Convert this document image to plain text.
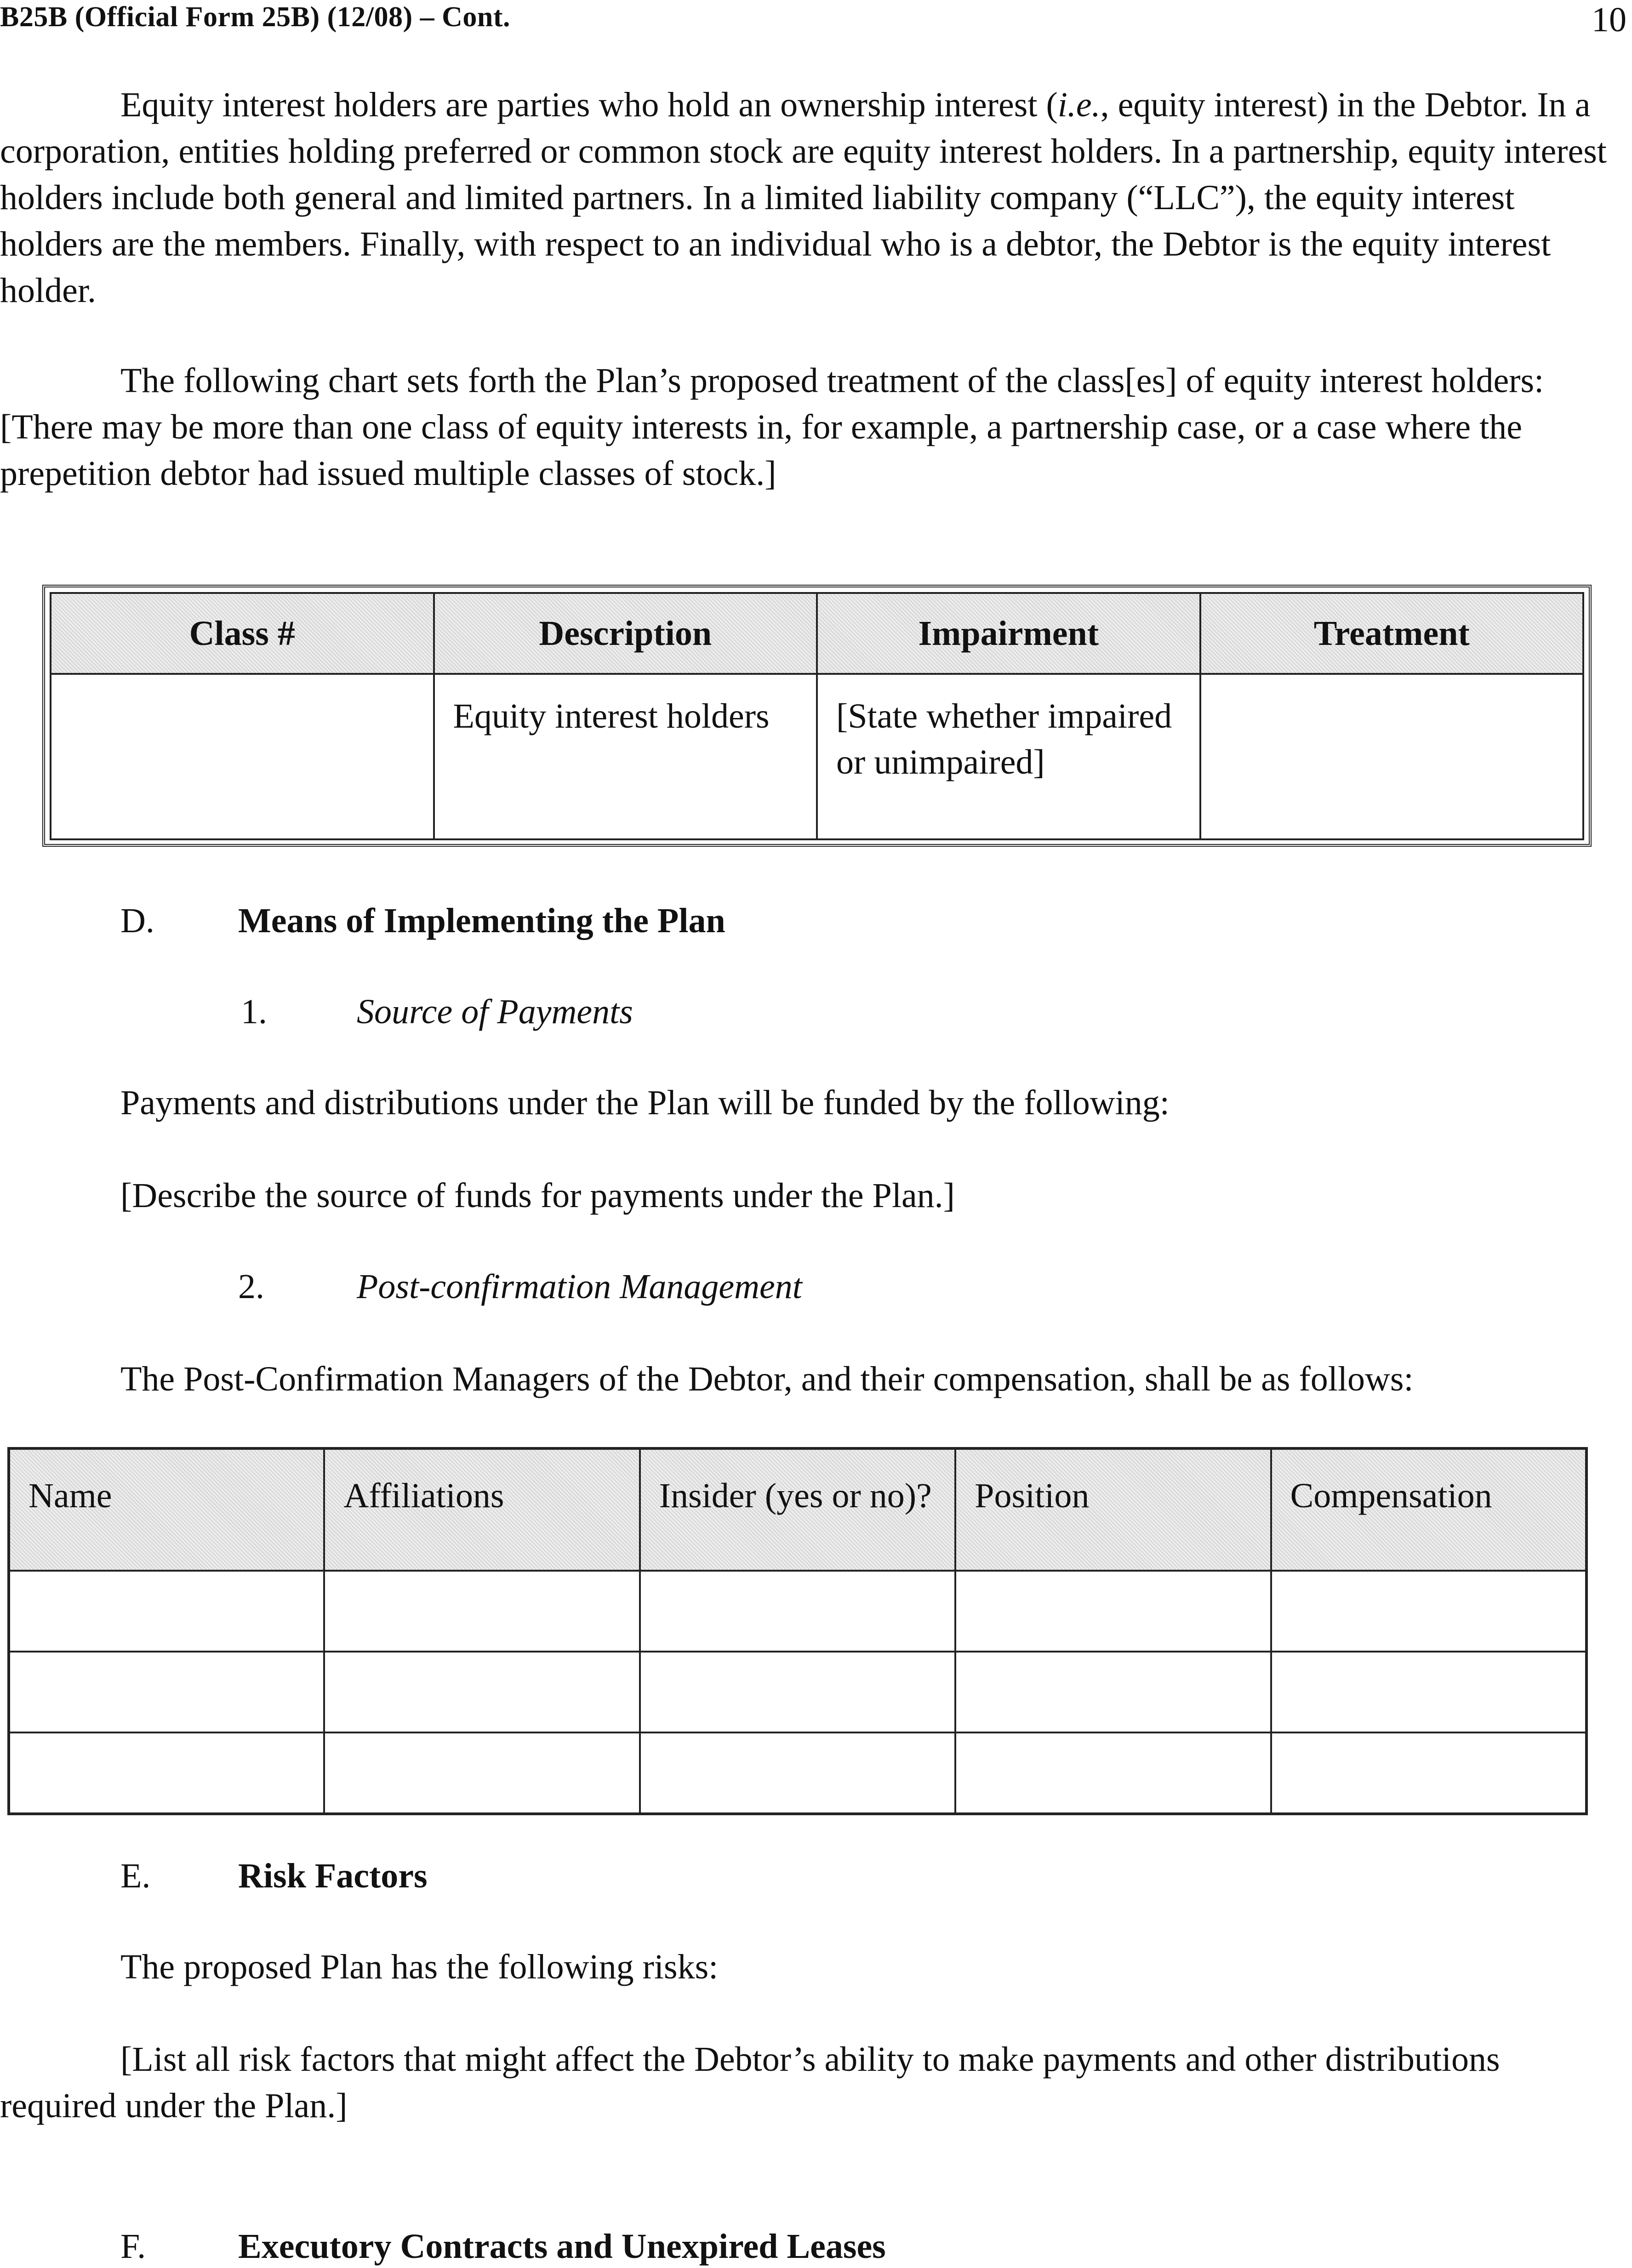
B25B (Official Form 25B) (12/08) – Cont.	10

Equity interest holders are parties who hold an ownership interest (i.e., equity interest) in the Debtor. In a corporation, entities holding preferred or common stock are equity interest holders. In a partnership, equity interest holders include both general and limited partners. In a limited liability company (“LLC”), the equity interest holders are the members. Finally, with respect to an individual who is a debtor, the Debtor is the equity interest holder.

The following chart sets forth the Plan’s proposed treatment of the class[es] of equity interest holders: [There may be more than one class of equity interests in, for example, a partnership case, or a case where the prepetition debtor had issued multiple classes of stock.]

Class #	Description	Impairment	Treatment
	Equity interest holders	[State whether impaired or unimpaired]	
D. Means of Implementing the Plan
1.	Source of Payments
Payments and distributions under the Plan will be funded by the following:
[Describe the source of funds for payments under the Plan.]
2.	Post-confirmation Management
The Post-Confirmation Managers of the Debtor, and their compensation, shall be as follows:
Name	Affiliations	Insider (yes or no)?	Position	Compensation

E.	Risk Factors
The proposed Plan has the following risks:

[List all risk factors that might affect the Debtor’s ability to make payments and other distributions required under the Plan.]

F.	Executory Contracts and Unexpired Leases
